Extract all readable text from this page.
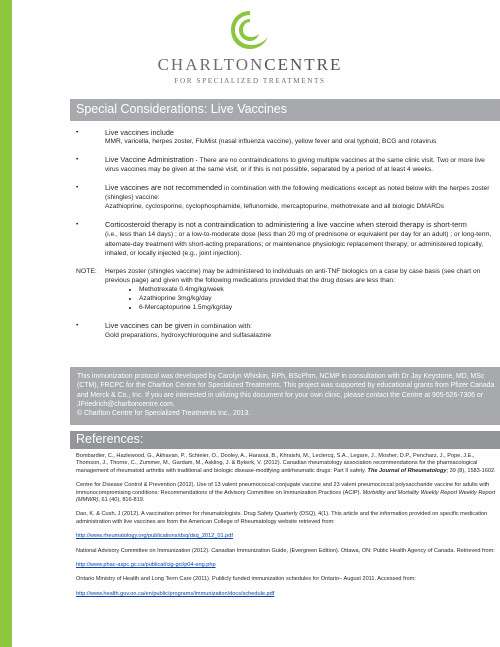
CHARLTONCENTRE
FOR SPECIALIZED TREATMENTS
Special Considerations: Live Vaccines
•	Live vaccines include
MMR, varicella, herpes zoster, FluMist (nasal influenza vaccine), yellow fever and oral typhoid, BCG and rotavirus
•	Live Vaccine Administration - There are no contraindications to giving multiple vaccines at the same clinic visit. Two or more live virus vaccines may be given at the same visit, or if this is not possible, separated by a period of at least 4 weeks.
•	Live vaccines are not recommended in combination with the following medications except as noted below with the herpes zoster (shingles) vaccine:
Azathioprine, cyclosporine, cyclophosphamide, leflunomide, mercaptopurine, methotrexate and all biologic DMARDs
•	Corticosteroid therapy is not a contraindication to administering a live vaccine when steroid therapy is short-term
(i.e., less than 14 days) ; or a low-to-moderate dose (less than 20 mg of prednisone or equivalent per day for an adult) ; or long-term, alternate-day treatment with short-acting preparations; or maintenance physiologic replacement therapy; or administered topically, inhaled, or locally injected (e.g., joint injection).
NOTE: Herpes zoster (shingles vaccine) may be administered to individuals on anti-TNF biologics on a case by case basis (see chart on previous page) and given with the following medications provided that the drug doses are less than:
• Methotrexate 0.4mg/kg/week
• Azathioprine 3mg/kg/day
• 6-Mercaptopurine 1.5mg/kg/day
•	Live vaccines can be given in combination with:
Gold preparations, hydroxychloroquine and sulfasalazine
This immunization protocol was developed by Carolyn Whiskin, RPh, BScPhm, NCMP in consultation with Dr Jay Keystone, MD, MSc (CTM), FRCPC for the Charlton Centre for Specialized Treatments. This project was supported by educational grants from Pfizer Canada and Merck & Co., Inc. If you are interested in utilizing this document for your own clinic, please contact the Centre at 905-526-7306 or JFriedrich@charltoncentre.com.
© Charlton Centre for Specialized Treatments Inc., 2013.
References:

Bombardier, C., Hazlewood, G., Akhavan, P., Schieier, O., Dooley, A., Haraoui, B., Khraishi, M., Leclercq, S.A., Legare, J., Mosher, D.P., Pencharz, J., Pope, J.E., Thomson, J., Thorne, C., Zummer, M., Gardam, M., Askling, J. & Bykerk, V. (2012). Canadian rheumatology association recommendations for the pharmacological management of rheumatoid arthritis with traditional and biologic disease-modifying antirheumatic drugs: Part II safety. The Journal of Rheumatology; 39 (8), 1583-1602.

Centre for Disease Control & Prevention (2012). Use of 13 valent pneumococcal conjugate vaccine and 23 valent pneumococcal polysaccharide vaccine for adults with immunocompromising conditions: Recommendations of the Advisory Committee on Immunization Practices (ACIP). Morbidity and Mortality Weekly Report Weekly Report (MMWR), 61 (40), 816-819.

Dao, K. & Cush, J (2012). A vaccination primer for rheumatologists. Drug Safety Quarterly (DSQ), 4(1). This article and the information provided on specific medication administration with live vaccines are from the American College of Rheumatology website retrieved from:

http://www.rheumatology.org/publications/dsq/dsq_2012_01.pdf

National Advisory Committee on Immunization (2012). Canadian Immunization Guide, (Evergreen Edition). Ottawa, ON: Public Health Agency of Canada. Retrieved from:

http://www.phac-aspc.gc.ca/publicat/cig-gci/p04-eng.php

Ontario Ministry of Health and Long Term Care (2011). Publicly funded immunization schedules for Ontario– August 2011. Accessed from:

http://www.health.gov.on.ca/en/public/programs/immunization/docs/schedule.pdf
